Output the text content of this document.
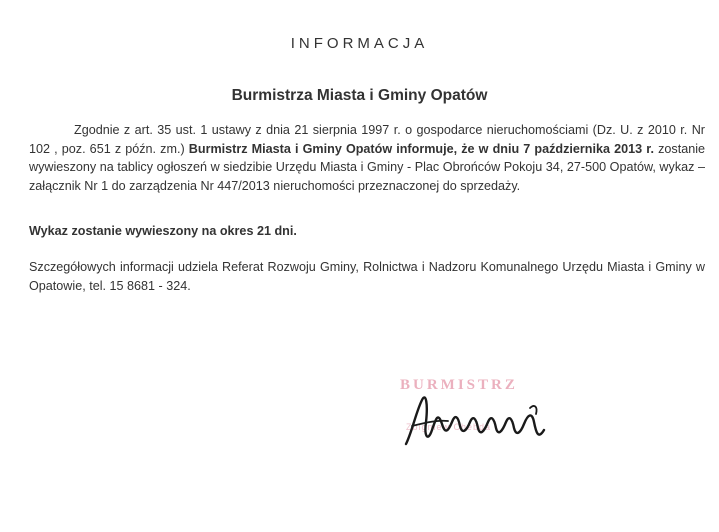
INFORMACJA
Burmistrza Miasta i Gminy Opatów
Zgodnie z art. 35 ust. 1 ustawy z dnia 21 sierpnia 1997 r. o gospodarce nieruchomościami (Dz. U. z 2010 r. Nr 102 , poz. 651 z późn. zm.) Burmistrz Miasta i Gminy Opatów informuje, że w dniu 7 października 2013 r. zostanie wywieszony na tablicy ogłoszeń w siedzibie Urzędu Miasta i Gminy - Plac Obrońców Pokoju 34, 27-500 Opatów, wykaz – załącznik Nr 1 do zarządzenia Nr 447/2013 nieruchomości przeznaczonej do sprzedaży.
Wykaz zostanie wywieszony na okres 21 dni.
Szczegółowych informacji udziela Referat Rozwoju Gminy, Rolnictwa i Nadzoru Komunalnego Urzędu Miasta i Gminy w Opatowie, tel. 15 8681 - 324.
BURMISTRZ
Zbigniew Chebda
